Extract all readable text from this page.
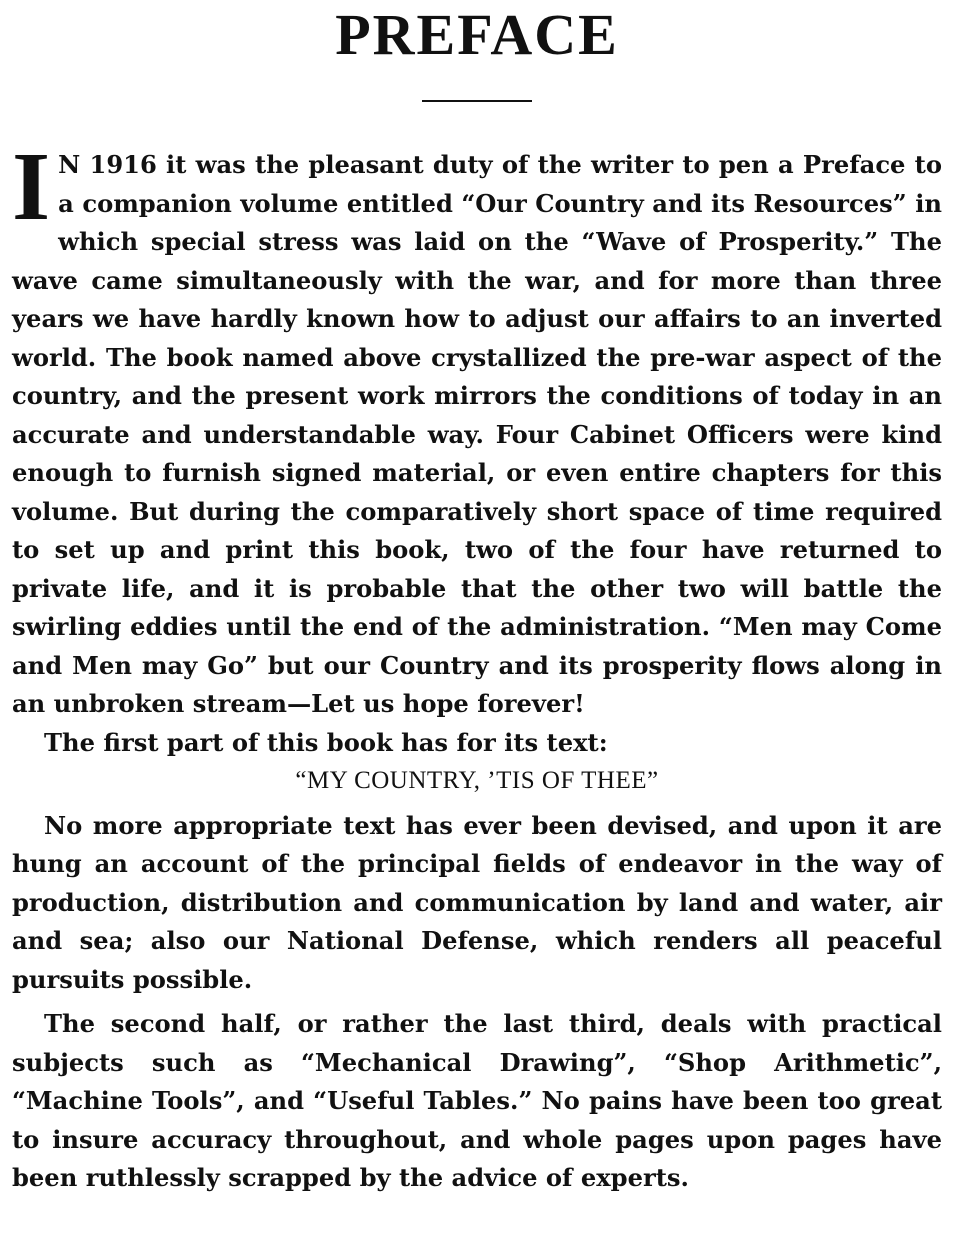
PREFACE

I N 1916 it was the pleasant duty of the writer to pen a Preface to a companion volume entitled “Our Country and its Resources” in which special stress was laid on the “Wave of Prosperity.” The wave came simultaneously with the war, and for more than three years we have hardly known how to adjust our affairs to an inverted world. The book named above crystallized the pre-war aspect of the country, and the present work mirrors the conditions of today in an accurate and understandable way. Four Cabinet Officers were kind enough to furnish signed material, or even entire chapters for this volume. But during the comparatively short space of time required to set up and print this book, two of the four have returned to private life, and it is probable that the other two will battle the swirling eddies until the end of the administration. “Men may Come and Men may Go” but our Country and its prosperity flows along in an unbroken stream—Let us hope forever!

The first part of this book has for its text:

“MY COUNTRY, ’TIS OF THEE”

No more appropriate text has ever been devised, and upon it are hung an account of the principal fields of endeavor in the way of production, distribution and communication by land and water, air and sea; also our National Defense, which renders all peaceful pursuits possible.

The second half, or rather the last third, deals with practical subjects such as “Mechanical Drawing”, “Shop Arithmetic”, “Machine Tools”, and “Useful Tables.” No pains have been too great to insure accuracy throughout, and whole pages upon pages have been ruthlessly scrapped by the advice of experts.
